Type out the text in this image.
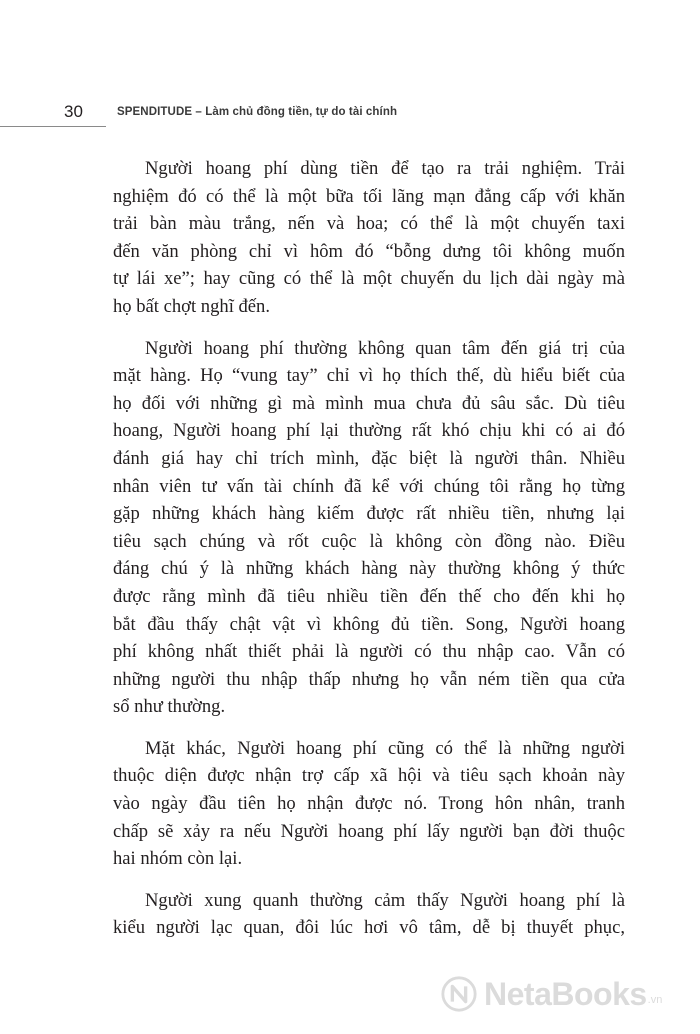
30	SPENDITUDE – Làm chủ đồng tiền, tự do tài chính
Người hoang phí dùng tiền để tạo ra trải nghiệm. Trải
nghiệm đó có thể là một bữa tối lãng mạn đẳng cấp với khăn
trải bàn màu trắng, nến và hoa; có thể là một chuyến taxi
đến văn phòng chỉ vì hôm đó “bỗng dưng tôi không muốn
tự lái xe”; hay cũng có thể là một chuyến du lịch dài ngày mà
họ bất chợt nghĩ đến.
Người hoang phí thường không quan tâm đến giá trị của
mặt hàng. Họ “vung tay” chỉ vì họ thích thế, dù hiểu biết của
họ đối với những gì mà mình mua chưa đủ sâu sắc. Dù tiêu
hoang, Người hoang phí lại thường rất khó chịu khi có ai đó
đánh giá hay chỉ trích mình, đặc biệt là người thân. Nhiều
nhân viên tư vấn tài chính đã kể với chúng tôi rằng họ từng
gặp những khách hàng kiếm được rất nhiều tiền, nhưng lại
tiêu sạch chúng và rốt cuộc là không còn đồng nào. Điều
đáng chú ý là những khách hàng này thường không ý thức
được rằng mình đã tiêu nhiều tiền đến thế cho đến khi họ
bắt đầu thấy chật vật vì không đủ tiền. Song, Người hoang
phí không nhất thiết phải là người có thu nhập cao. Vẫn có
những người thu nhập thấp nhưng họ vẫn ném tiền qua cửa
sổ như thường.
Mặt khác, Người hoang phí cũng có thể là những người
thuộc diện được nhận trợ cấp xã hội và tiêu sạch khoản này
vào ngày đầu tiên họ nhận được nó. Trong hôn nhân, tranh
chấp sẽ xảy ra nếu Người hoang phí lấy người bạn đời thuộc
hai nhóm còn lại.
Người xung quanh thường cảm thấy Người hoang phí là
kiểu người lạc quan, đôi lúc hơi vô tâm, dễ bị thuyết phục,
NetaBooks .vn
